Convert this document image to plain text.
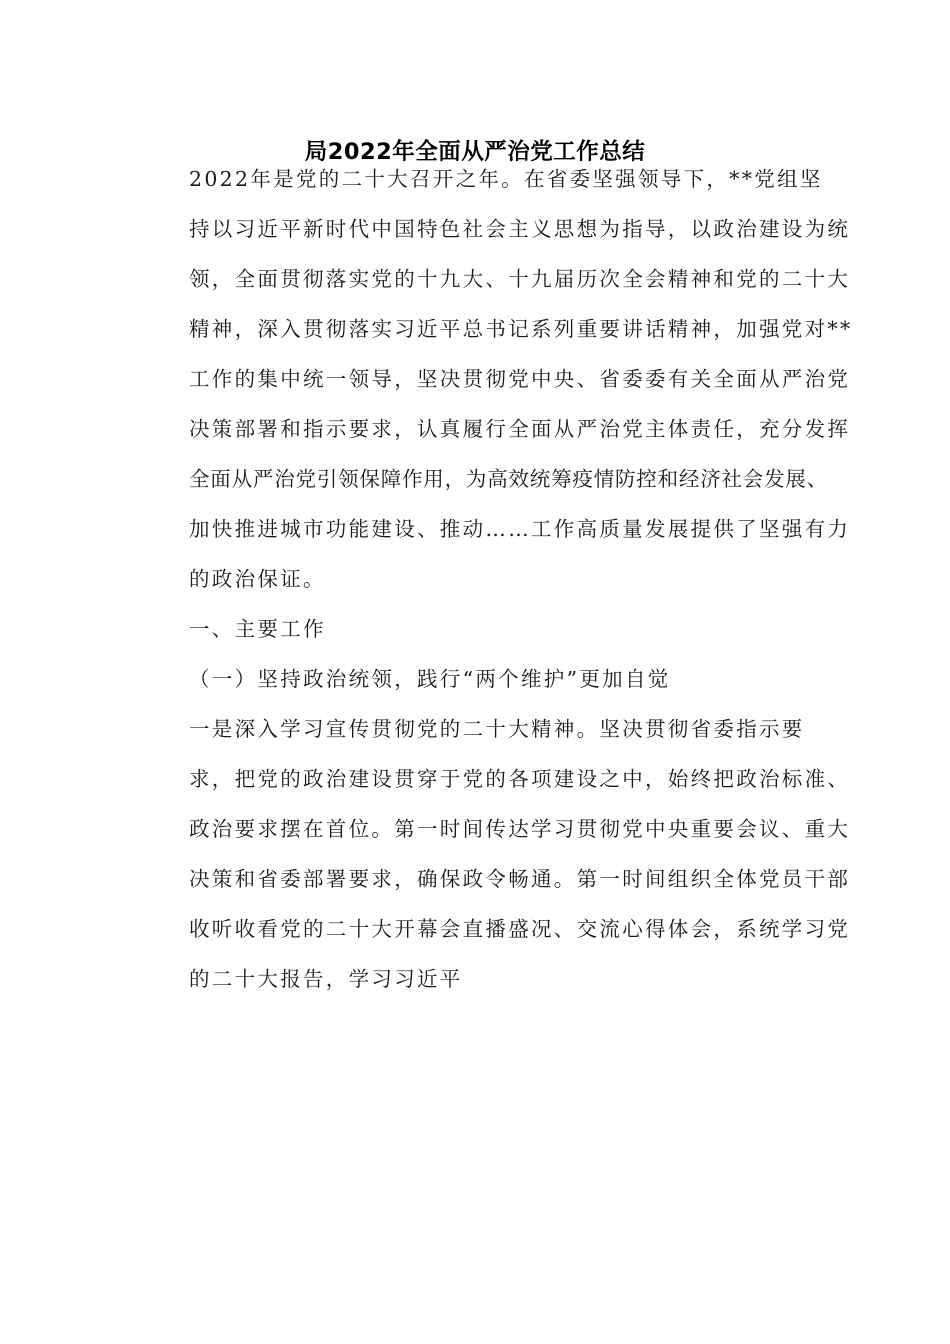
局2022年全面从严治党工作总结

2022年是党的二十大召开之年。在省委坚强领导下，**党组坚
持以习近平新时代中国特色社会主义思想为指导，以政治建设为统
领，全面贯彻落实党的十九大、十九届历次全会精神和党的二十大
精神，深入贯彻落实习近平总书记系列重要讲话精神，加强党对**
工作的集中统一领导，坚决贯彻党中央、省委委有关全面从严治党
决策部署和指示要求，认真履行全面从严治党主体责任，充分发挥
全面从严治党引领保障作用，为高效统筹疫情防控和经济社会发展、
加快推进城市功能建设、推动……工作高质量发展提供了坚强有力
的政治保证。

一、主要工作

（一）坚持政治统领，践行“两个维护”更加自觉

一是深入学习宣传贯彻党的二十大精神。坚决贯彻省委指示要
求，把党的政治建设贯穿于党的各项建设之中，始终把政治标准、
政治要求摆在首位。第一时间传达学习贯彻党中央重要会议、重大
决策和省委部署要求，确保政令畅通。第一时间组织全体党员干部
收听收看党的二十大开幕会直播盛况、交流心得体会，系统学习党
的二十大报告，学习习近平
